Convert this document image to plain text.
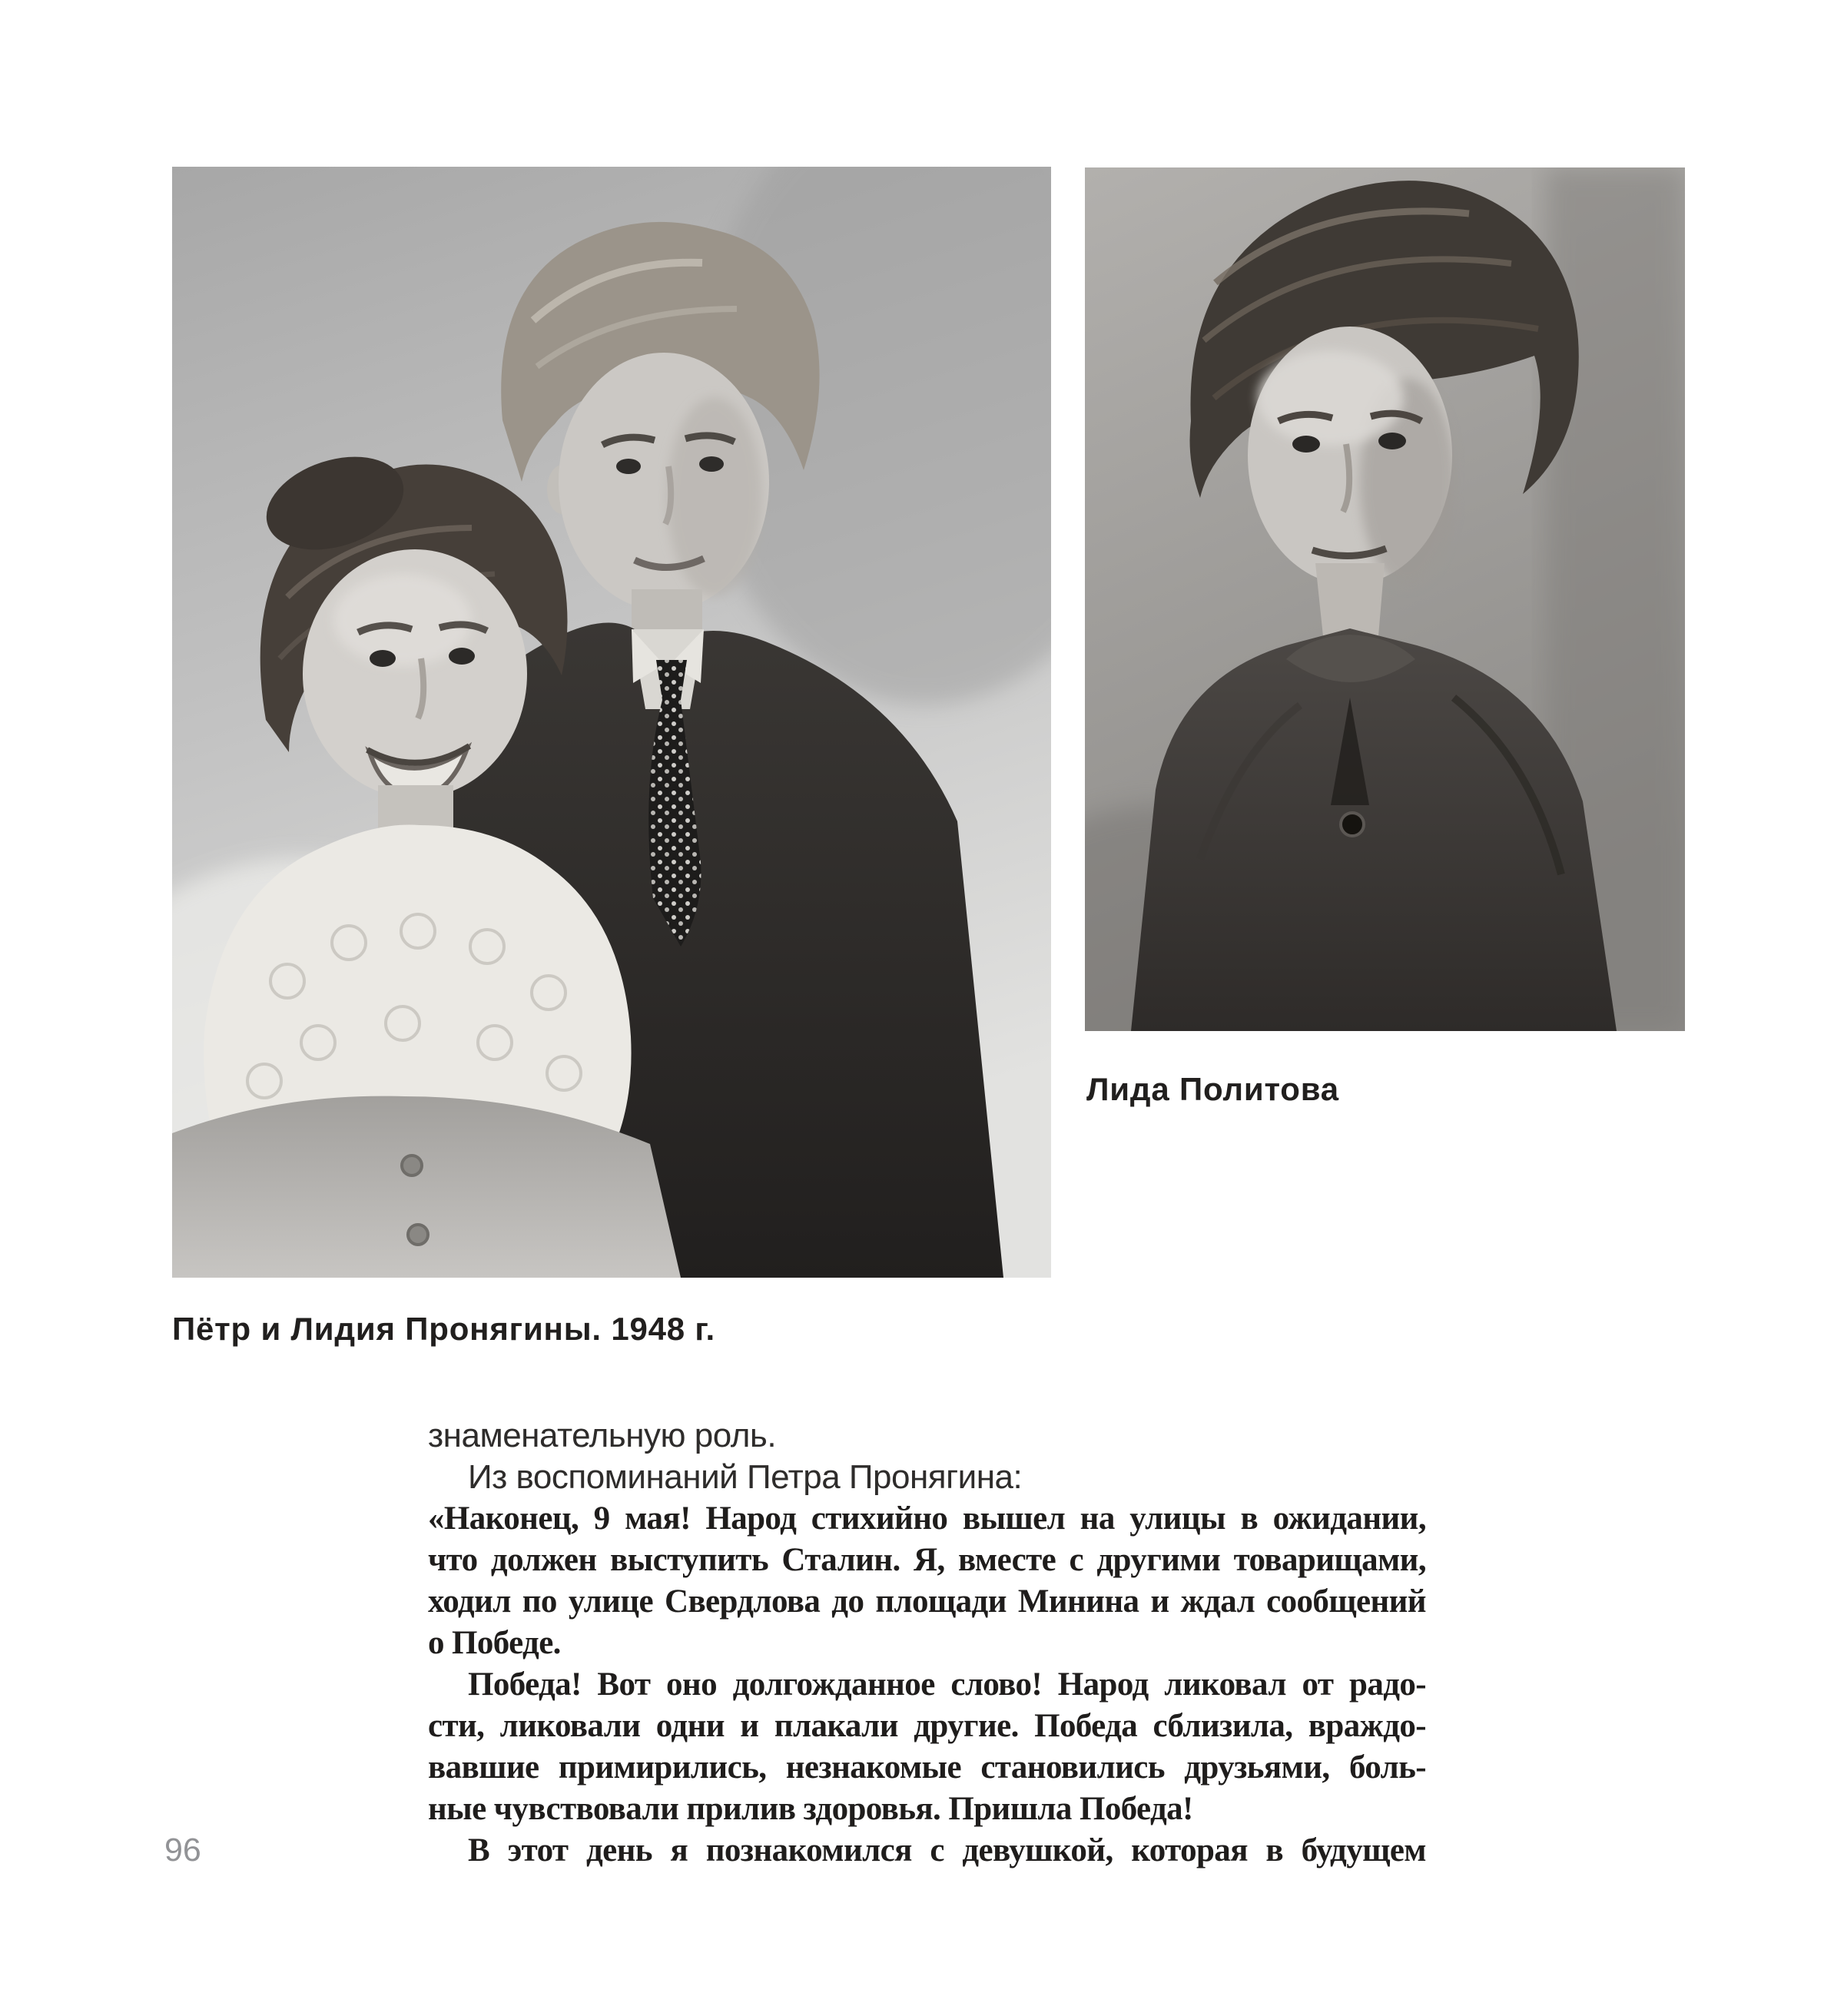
Лида Политова
Пётр и Лидия Пронягины. 1948 г.
знаменательную роль.
Из воспоминаний Петра Пронягина:
«Наконец, 9 мая! Народ стихийно вышел на улицы в ожидании,
что должен выступить Сталин. Я, вместе с другими товарищами,
ходил по улице Свердлова до площади Минина и ждал сообщений
о Победе.
Победа! Вот оно долгожданное слово! Народ ликовал от радо-
сти, ликовали одни и плакали другие. Победа сблизила, враждо-
вавшие примирились, незнакомые становились друзьями, боль-
ные чувствовали прилив здоровья. Пришла Победа!
В этот день я познакомился с девушкой, которая в будущем
96
